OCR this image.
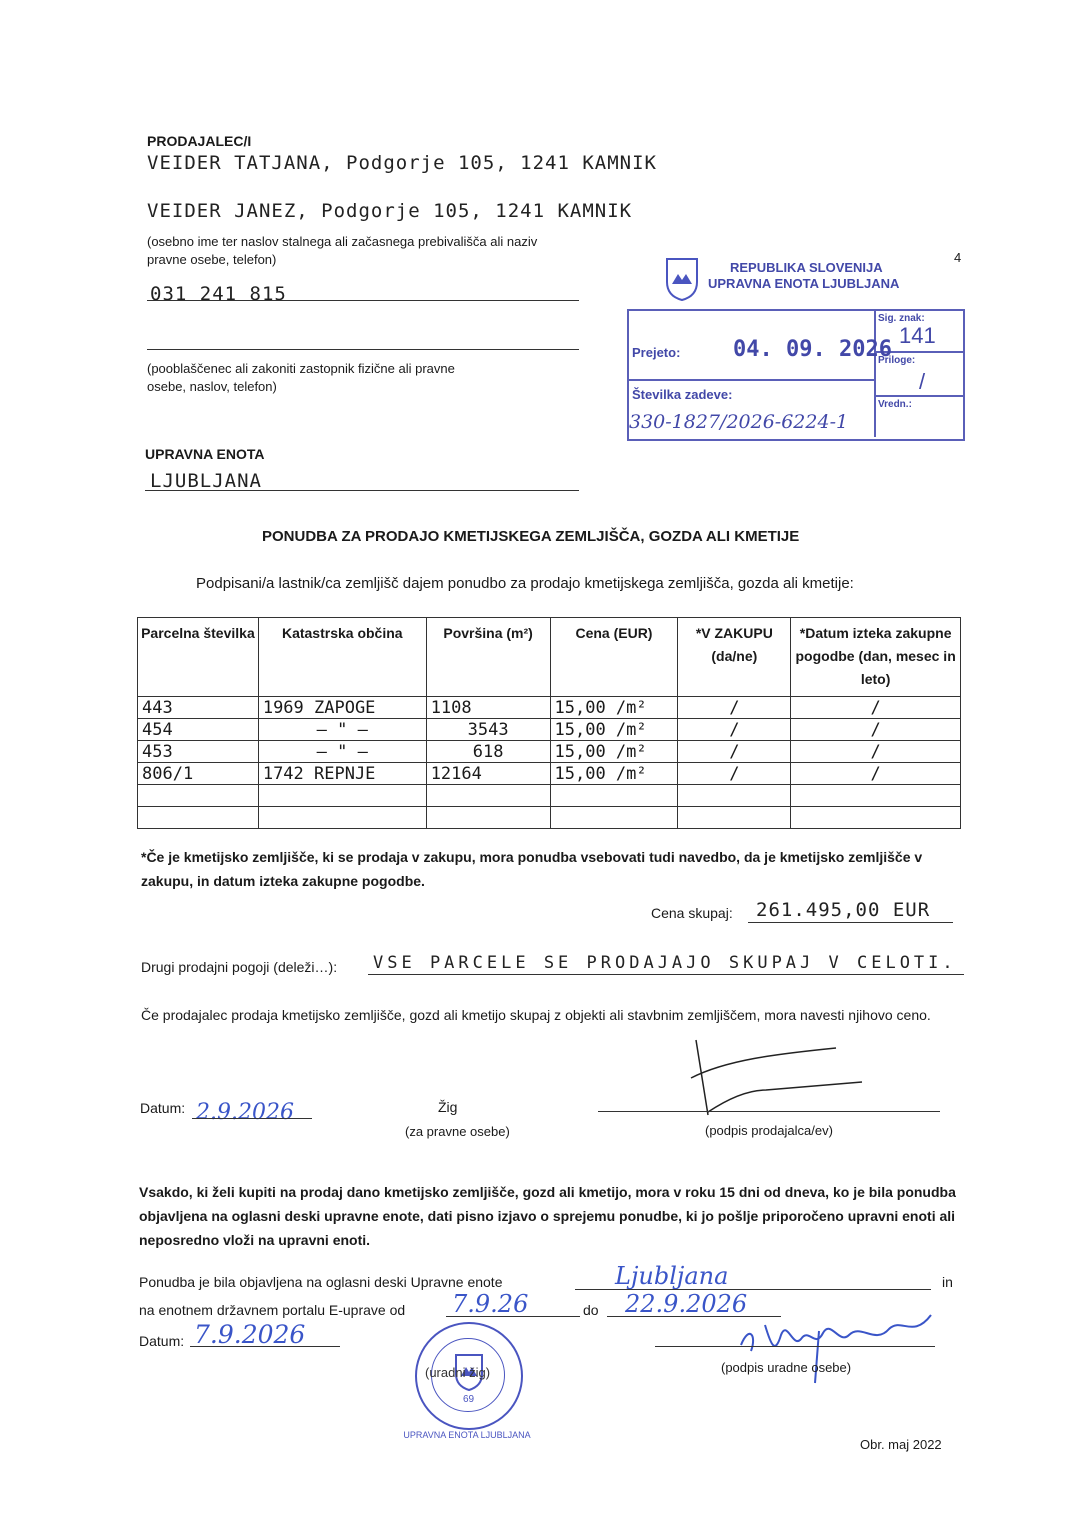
PRODAJALEC/I
VEIDER TATJANA, Podgorje 105, 1241 KAMNIK
VEIDER JANEZ, Podgorje 105, 1241 KAMNIK
(osebno ime ter naslov stalnega ali začasnega prebivališča ali naziv pravne osebe, telefon)
031 241 815
(pooblaščenec ali zakoniti zastopnik fizične ali pravne osebe, naslov, telefon)
UPRAVNA ENOTA
LJUBLJANA
4
REPUBLIKA SLOVENIJA
UPRAVNA ENOTA LJUBLJANA
Prejeto: 04. 09. 2026
Sig. znak:
141
Priloge:
/
Številka zadeve:
330-1827/2026-6224-1
Vredn.:
PONUDBA ZA PRODAJO KMETIJSKEGA ZEMLJIŠČA, GOZDA ALI KMETIJE
Podpisani/a lastnik/ca zemljišč dajem ponudbo za prodajo kmetijskega zemljišča, gozda ali kmetije:
Parcelna številka	Katastrska občina	Površina (m²)	Cena (EUR)	*V ZAKUPU (da/ne)	*Datum izteka zakupne pogodbe (dan, mesec in leto)
443	1969 ZAPOGE	1108	15,00 /m²	/	/
454	– " –	3543	15,00 /m²	/	/
453	– " –	618	15,00 /m²	/	/
806/1	1742 REPNJE	12164	15,00 /m²	/	/

*Če je kmetijsko zemljišče, ki se prodaja v zakupu, mora ponudba vsebovati tudi navedbo, da je kmetijsko zemljišče v zakupu, in datum izteka zakupne pogodbe.
Cena skupaj: 261.495,00 EUR
Drugi prodajni pogoji (deleži…): VSE PARCELE SE PRODAJAJO SKUPAJ V CELOTI.
Če prodajalec prodaja kmetijsko zemljišče, gozd ali kmetijo skupaj z objekti ali stavbnim zemljiščem, mora navesti njihovo ceno.
Datum: 2.9.2026	Žig
(za pravne osebe)	(podpis prodajalca/ev)
Vsakdo, ki želi kupiti na prodaj dano kmetijsko zemljišče, gozd ali kmetijo, mora v roku 15 dni od dneva, ko je bila ponudba objavljena na oglasni deski upravne enote, dati pisno izjavo o sprejemu ponudbe, ki jo pošlje priporočeno upravni enoti ali neposredno vloži na upravni enoti.
Ponudba je bila objavljena na oglasni deski Upravne enote	Ljubljana	in
na enotnem državnem portalu E-uprave od 7.9.26	do 22.9.2026
Datum: 7.9.2026
69
UPRAVNA ENOTA LJUBLJANA
(uradni žig)	(podpis uradne osebe)
Obr. maj 2022
